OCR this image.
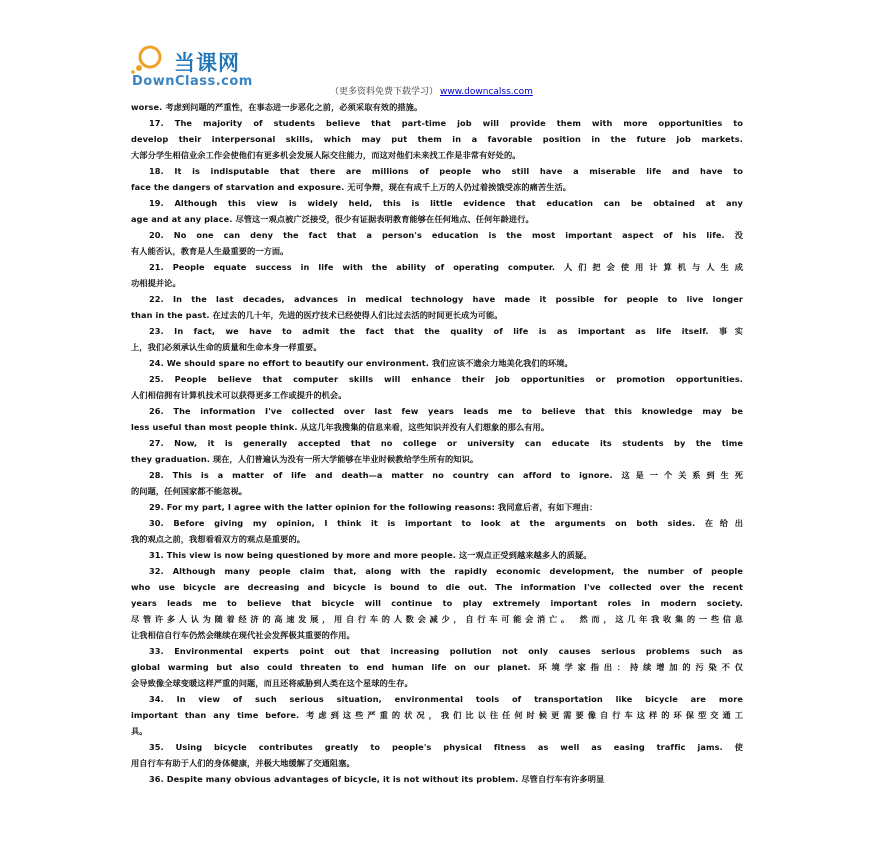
当课网
DownClass.com
（更多资料免费下载学习） www.downcalss.com
worse. 考虑到问题的严重性，在事态进一步恶化之前，必须采取有效的措施。
17. The majority of students believe that part-time job will provide them with more opportunities to
develop their interpersonal skills, which may put them in a favorable position in the future job markets.
大部分学生相信业余工作会使他们有更多机会发展人际交往能力，而这对他们未来找工作是非常有好处的。
18. It is indisputable that there are millions of people who still have a miserable life and have to
face the dangers of starvation and exposure. 无可争辩，现在有成千上万的人仍过着挨饿受冻的痛苦生活。
19. Although this view is widely held, this is little evidence that education can be obtained at any
age and at any place. 尽管这一观点被广泛接受，很少有证据表明教育能够在任何地点、任何年龄进行。
20. No one can deny the fact that a person's education is the most important aspect of his life. 没
有人能否认，教育是人生最重要的一方面。
21. People equate success in life with the ability of operating computer. 人们把会使用计算机与人生成
功相提并论。
22. In the last decades, advances in medical technology have made it possible for people to live longer
than in the past. 在过去的几十年，先进的医疗技术已经使得人们比过去活的时间更长成为可能。
23. In fact, we have to admit the fact that the quality of life is as important as life itself. 事实
上，我们必须承认生命的质量和生命本身一样重要。
24. We should spare no effort to beautify our environment. 我们应该不遗余力地美化我们的环境。
25. People believe that computer skills will enhance their job opportunities or promotion opportunities.
人们相信拥有计算机技术可以获得更多工作或提升的机会。
26. The information I've collected over last few years leads me to believe that this knowledge may be
less useful than most people think. 从这几年我搜集的信息来看，这些知识并没有人们想象的那么有用。
27. Now, it is generally accepted that no college or university can educate its students by the time
they graduation. 现在，人们普遍认为没有一所大学能够在毕业时候教给学生所有的知识。
28. This is a matter of life and death—a matter no country can afford to ignore. 这是一个关系到生死
的问题，任何国家都不能忽视。
29. For my part, I agree with the latter opinion for the following reasons: 我同意后者，有如下理由：
30. Before giving my opinion, I think it is important to look at the arguments on both sides. 在给出
我的观点之前，我想看看双方的观点是重要的。
31. This view is now being questioned by more and more people. 这一观点正受到越来越多人的质疑。
32. Although many people claim that, along with the rapidly economic development, the number of people
who use bicycle are decreasing and bicycle is bound to die out. The information I've collected over the recent
years leads me to believe that bicycle will continue to play extremely important roles in modern society.
尽管许多人认为随着经济的高速发展，用自行车的人数会减少，自行车可能会消亡。 然而，这几年我收集的一些信息
让我相信自行车仍然会继续在现代社会发挥极其重要的作用。
33. Environmental experts point out that increasing pollution not only causes serious problems such as
global warming but also could threaten to end human life on our planet. 环境学家指出：持续增加的污染不仅
会导致像全球变暖这样严重的问题，而且还将威胁到人类在这个星球的生存。
34. In view of such serious situation, environmental tools of transportation like bicycle are more
important than any time before. 考虑到这些严重的状况，我们比以往任何时候更需要像自行车这样的环保型交通工
具。
35. Using bicycle contributes greatly to people's physical fitness as well as easing traffic jams. 使
用自行车有助于人们的身体健康，并极大地缓解了交通阻塞。
36. Despite many obvious advantages of bicycle, it is not without its problem. 尽管自行车有许多明显
